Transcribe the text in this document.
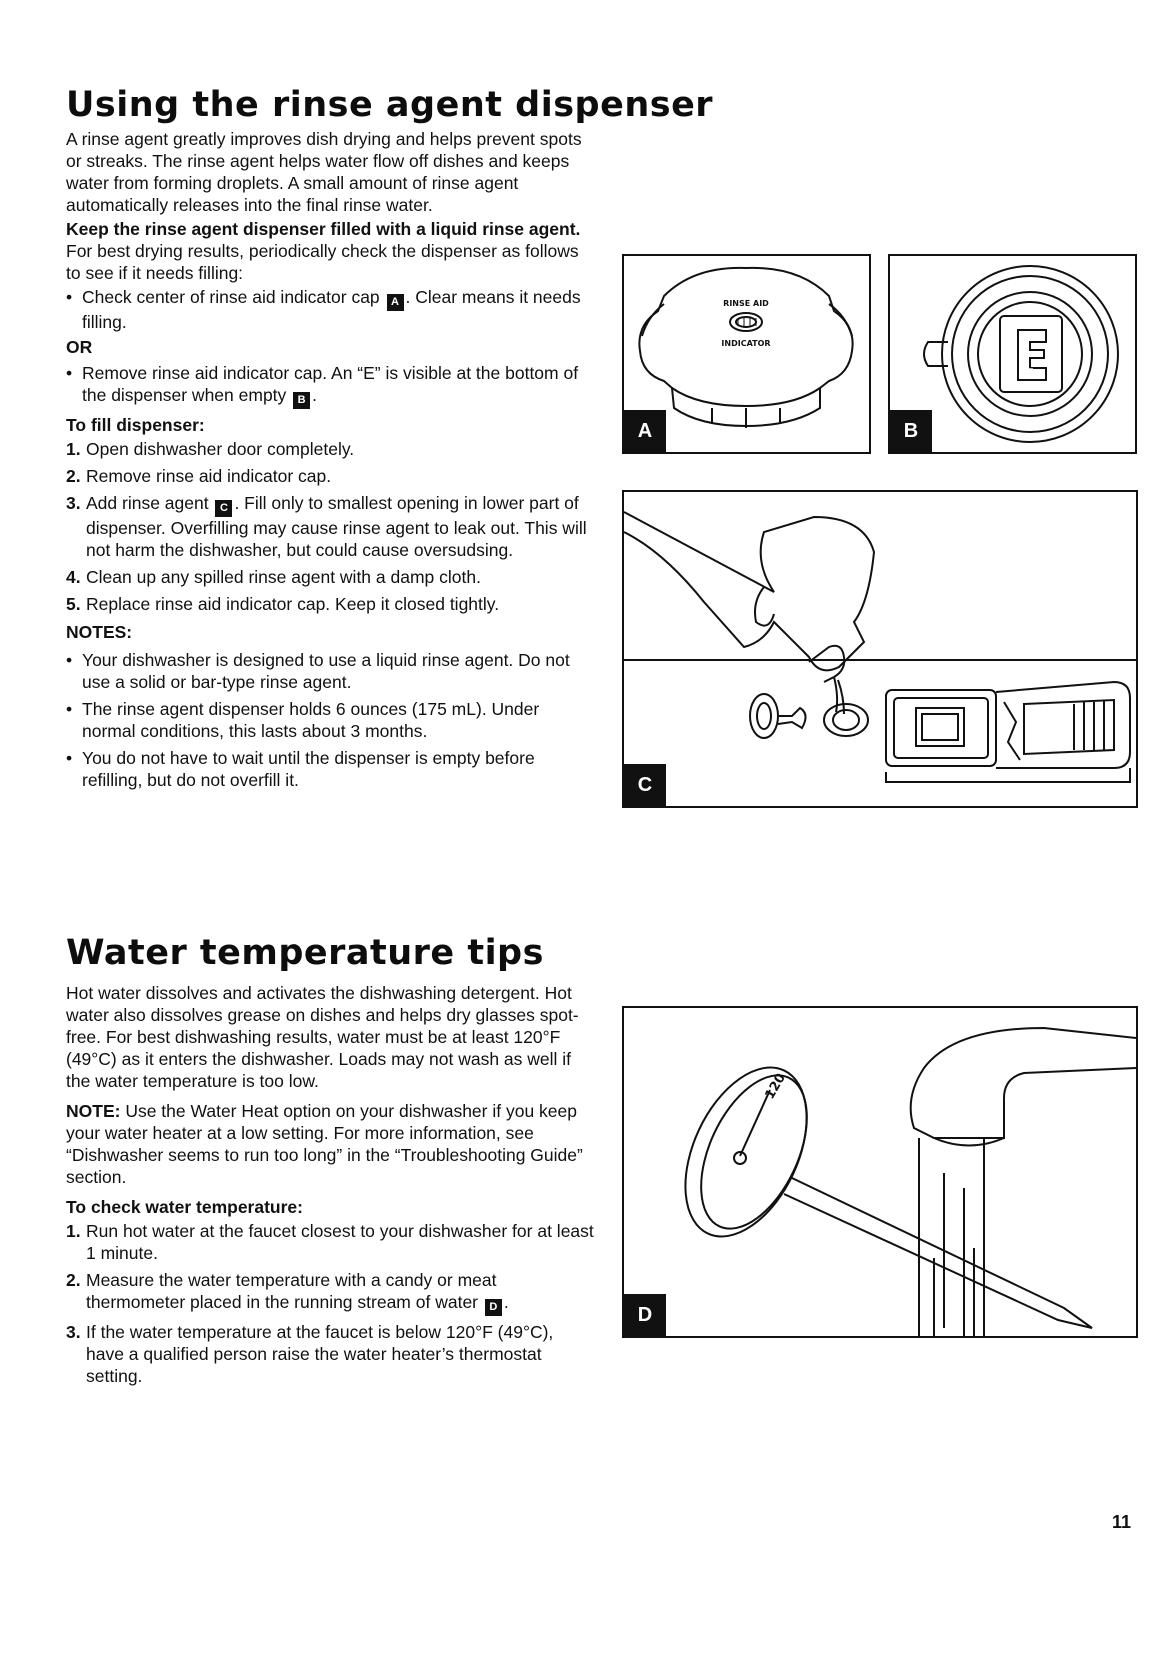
Using the rinse agent dispenser

A rinse agent greatly improves dish drying and helps prevent spots or streaks. The rinse agent helps water flow off dishes and keeps water from forming droplets. A small amount of rinse agent automatically releases into the final rinse water.

Keep the rinse agent dispenser filled with a liquid rinse agent. For best drying results, periodically check the dispenser as follows to see if it needs filling:

• Check center of rinse aid indicator cap A . Clear means it needs filling.

OR

• Remove rinse aid indicator cap. An “E” is visible at the bottom of the dispenser when empty B .

To fill dispenser:

1. Open dishwasher door completely.
2. Remove rinse aid indicator cap.
3. Add rinse agent C . Fill only to smallest opening in lower part of dispenser. Overfilling may cause rinse agent to leak out. This will not harm the dishwasher, but could cause oversudsing.
4. Clean up any spilled rinse agent with a damp cloth.
5. Replace rinse aid indicator cap. Keep it closed tightly.

NOTES:

• Your dishwasher is designed to use a liquid rinse agent. Do not use a solid or bar-type rinse agent.
• The rinse agent dispenser holds 6 ounces (175 mL). Under normal conditions, this lasts about 3 months.
• You do not have to wait until the dispenser is empty before refilling, but do not overfill it.
Water temperature tips

Hot water dissolves and activates the dishwashing detergent. Hot water also dissolves grease on dishes and helps dry glasses spot-free. For best dishwashing results, water must be at least 120°F (49°C) as it enters the dishwasher. Loads may not wash as well if the water temperature is too low.

NOTE: Use the Water Heat option on your dishwasher if you keep your water heater at a low setting. For more information, see “Dishwasher seems to run too long” in the “Troubleshooting Guide” section.

To check water temperature:

1. Run hot water at the faucet closest to your dishwasher for at least 1 minute.
2. Measure the water temperature with a candy or meat thermometer placed in the running stream of water D .
3. If the water temperature at the faucet is below 120°F (49°C), have a qualified person raise the water heater’s thermostat setting.
RINSE AID
INDICATOR
A
E
B
C
120
D
11
